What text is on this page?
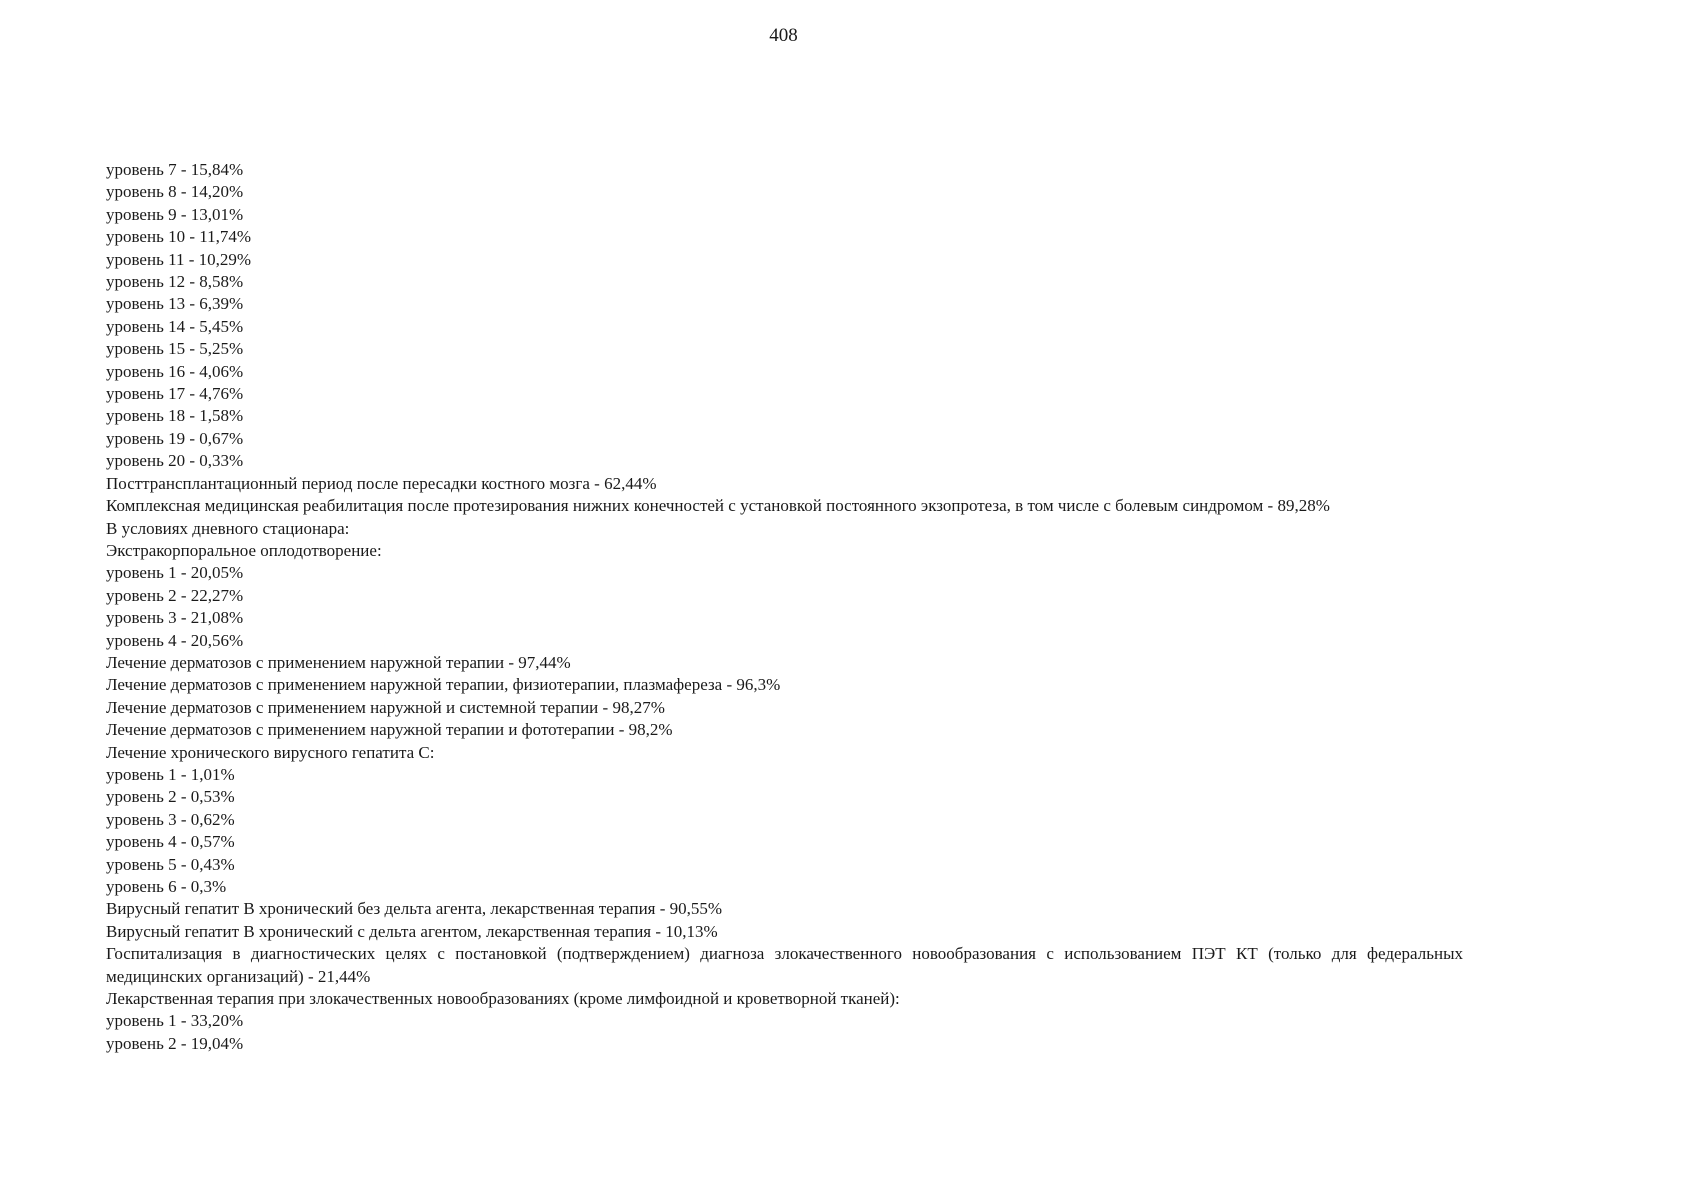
408

уровень 7 - 15,84%

уровень 8 - 14,20%

уровень 9 - 13,01%

уровень 10 - 11,74%

уровень 11 - 10,29%

уровень 12 - 8,58%

уровень 13 - 6,39%

уровень 14 - 5,45%

уровень 15 - 5,25%

уровень 16 - 4,06%

уровень 17 - 4,76%

уровень 18 - 1,58%

уровень 19 - 0,67%

уровень 20 - 0,33%

Посттрансплантационный период после пересадки костного мозга - 62,44%

Комплексная медицинская реабилитация после протезирования нижних конечностей с установкой постоянного экзопротеза, в том числе с болевым синдромом - 89,28%

В условиях дневного стационара:

Экстракорпоральное оплодотворение:

уровень 1 - 20,05%

уровень 2 - 22,27%

уровень 3 - 21,08%

уровень 4 - 20,56%

Лечение дерматозов с применением наружной терапии - 97,44%

Лечение дерматозов с применением наружной терапии, физиотерапии, плазмафереза - 96,3%

Лечение дерматозов с применением наружной и системной терапии - 98,27%

Лечение дерматозов с применением наружной терапии и фототерапии - 98,2%

Лечение хронического вирусного гепатита С:

уровень 1 - 1,01%

уровень 2 - 0,53%

уровень 3 - 0,62%

уровень 4 - 0,57%

уровень 5 - 0,43%

уровень 6 - 0,3%

Вирусный гепатит B хронический без дельта агента, лекарственная терапия - 90,55%

Вирусный гепатит B хронический с дельта агентом, лекарственная терапия - 10,13%

Госпитализация в диагностических целях с постановкой (подтверждением) диагноза злокачественного новообразования с использованием ПЭТ КТ (только для федеральных медицинских организаций) - 21,44%

Лекарственная терапия при злокачественных новообразованиях (кроме лимфоидной и кроветворной тканей):

уровень 1 - 33,20%

уровень 2 - 19,04%
